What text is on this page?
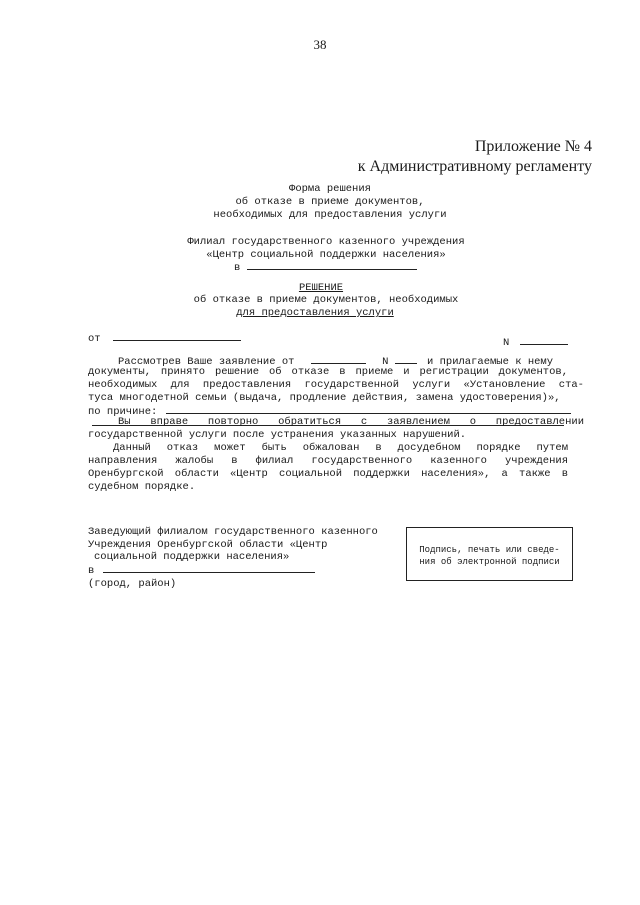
38
Приложение № 4
к Административному регламенту
Форма решения
об отказе в приеме документов,
необходимых для предоставления услуги
Филиал государственного казенного учреждения
«Центр социальной поддержки населения»
в
РЕШЕНИЕ
об отказе в приеме документов, необходимых
для предоставления услуги
от	N
Рассмотрев Ваше заявление от	N	и прилагаемые к нему
документы, принято решение об отказе в приеме и регистрации документов,
необходимых для предоставления государственной услуги «Установление ста-
туса многодетной семьи (выдача, продление действия, замена удостоверения)»,
по причине:
Вы вправе повторно обратиться с заявлением о предоставлении
государственной услуги после устранения указанных нарушений.
Данный отказ может быть обжалован в досудебном порядке путем
направления жалобы в филиал государственного казенного учреждения
Оренбургской области «Центр социальной поддержки населения», а также в
судебном порядке.
Заведующий филиалом государственного казенного
Учреждения Оренбургской области «Центр
социальной поддержки населения»
в
(город, район)
Подпись, печать или сведе-
ния об электронной подписи
